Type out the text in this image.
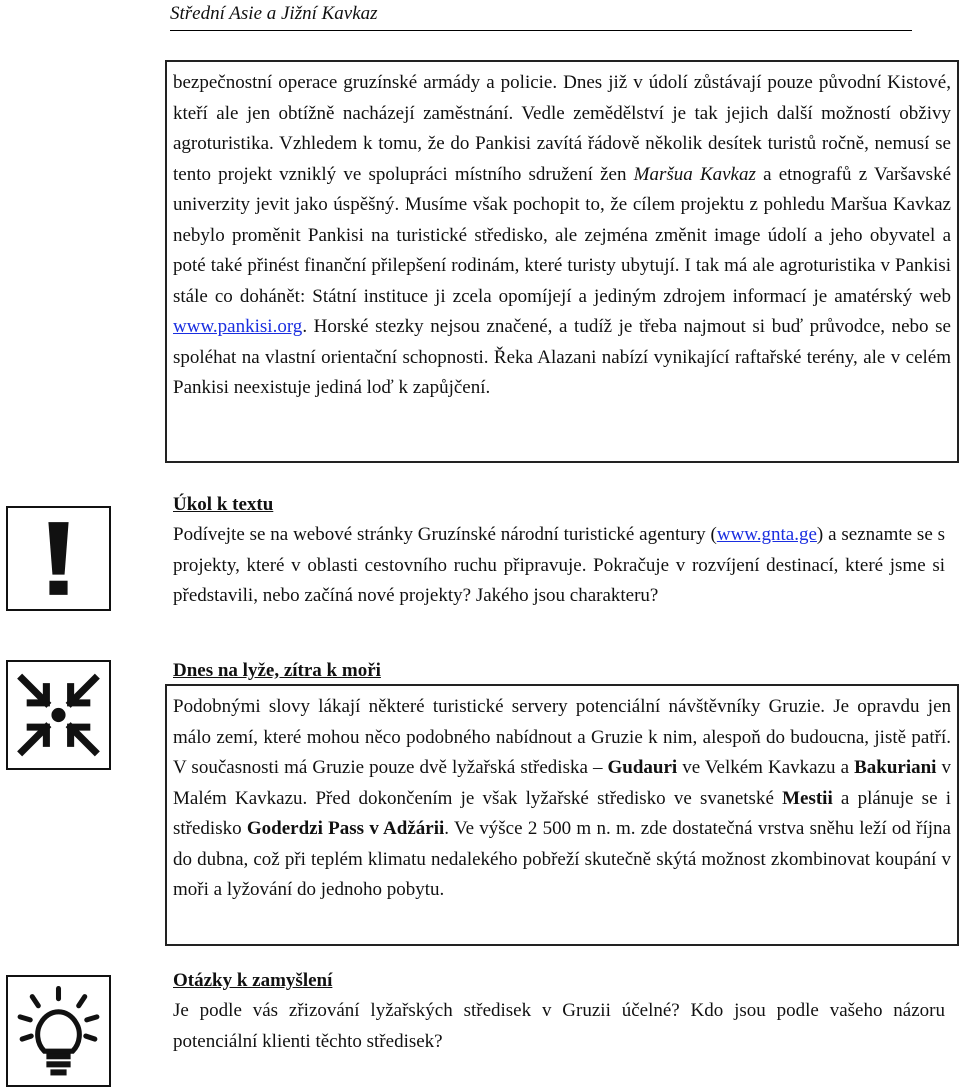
Střední Asie a Jižní Kavkaz

bezpečnostní operace gruzínské armády a policie. Dnes již v údolí zůstávají pouze původní Kistové, kteří ale jen obtížně nacházejí zaměstnání. Vedle zemědělství je tak jejich další možností obživy agroturistika. Vzhledem k tomu, že do Pankisi zavítá řádově několik desítek turistů ročně, nemusí se tento projekt vzniklý ve spolupráci místního sdružení žen Maršua Kavkaz a etnografů z Varšavské univerzity jevit jako úspěšný. Musíme však pochopit to, že cílem projektu z pohledu Maršua Kavkaz nebylo proměnit Pankisi na turistické středisko, ale zejména změnit image údolí a jeho obyvatel a poté také přinést finanční přilepšení rodinám, které turisty ubytují. I tak má ale agroturistika v Pankisi stále co dohánět: Státní instituce ji zcela opomíjejí a jediným zdrojem informací je amatérský web www.pankisi.org. Horské stezky nejsou značené, a tudíž je třeba najmout si buď průvodce, nebo se spoléhat na vlastní orientační schopnosti. Řeka Alazani nabízí vynikající raftařské terény, ale v celém Pankisi neexistuje jediná loď k zapůjčení.

Úkol k textu

Podívejte se na webové stránky Gruzínské národní turistické agentury (www.gnta.ge) a seznamte se s projekty, které v oblasti cestovního ruchu připravuje. Pokračuje v rozvíjení destinací, které jsme si představili, nebo začíná nové projekty? Jakého jsou charakteru?

Dnes na lyže, zítra k moři

Podobnými slovy lákají některé turistické servery potenciální návštěvníky Gruzie. Je opravdu jen málo zemí, které mohou něco podobného nabídnout a Gruzie k nim, alespoň do budoucna, jistě patří. V současnosti má Gruzie pouze dvě lyžařská střediska – Gudauri ve Velkém Kavkazu a Bakuriani v Malém Kavkazu. Před dokončením je však lyžařské středisko ve svanetské Mestii a plánuje se i středisko Goderdzi Pass v Adžárii. Ve výšce 2 500 m n. m. zde dostatečná vrstva sněhu leží od října do dubna, což při teplém klimatu nedalekého pobřeží skutečně skýtá možnost zkombinovat koupání v moři a lyžování do jednoho pobytu.

Otázky k zamyšlení

Je podle vás zřizování lyžařských středisek v Gruzii účelné? Kdo jsou podle vašeho názoru potenciální klienti těchto středisek?
